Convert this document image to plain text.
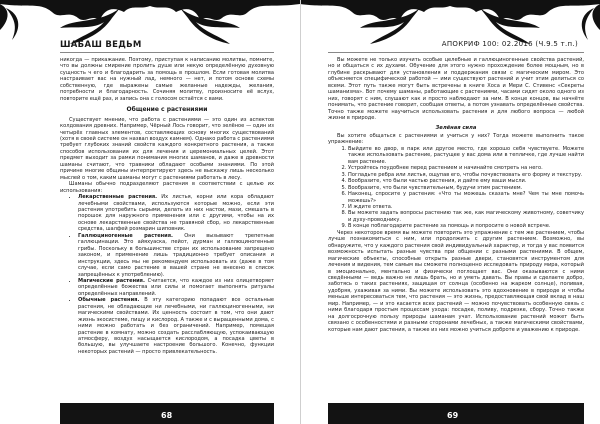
ШАБАШ ВЕДЬМ

никогда — прикажание. Поэтому, приступая к написанию молитвы, помните, что вы должны смирение пролить душе или некую определённую духовную сущность ч его и благодарить за помощь в прошлом. Если готовая молитва настраивает вас на нужный лад, немного — нет, и потом основе схемы собственную, где выражены самые желанные надежды, желания, потребности и благодарность. Сочиняя молитву, произносите её вслух, повторите ещё раз, и запись она с голосом остаётся с вами.

Общение с растениями

Существует мнение, что работа с растениями — это один из аспектов колдования древних. Например, Чёрный Лось говорит, что зелёное — один из четырёх главных элементов, составляющих основу многих существований (хотя в своей системе он назвал воздух камнем). Однако работа с растениями требует глубоких знаний свойств каждого конкретного растения, а также способов использования их для лечения и церемониальных целей. Этот предмет выходит за рамки понимания многих шаманов, и даже в древности шаманы считают, что травники обладают особыми знаниями. По этой причине многие общины интерпретируют здесь не выскажу лишь несколько мыслей о том, каким шаманы могут с растениями работать в лесу.

Шаманы обычно подразделяют растения в соответствии с целью их использования:

• Лекарственные растения. Их листья, корни или кора обладают лечебными свойствами, используются которые можно, если эти растения употребить сырыми, делать из них настои, мази, смешать в порошок для наружного применения или с другими, чтобы на их основе лекарственные свойства не травяной сбор, но лекарственные средства, шалфей розмарин шиповник.
• Галлюциногенные растения. Они вызывают трепетные галлюцинации. Это айяхуаска, пейот, дурман и галлюциногенные грибы. Поскольку в большинстве стран их использование запрещено законом, и применение лишь традиционно требует описания и инструкции, здесь мы не рекомендуем использовать их (даже в том случае, если само растение в вашей стране не внесено в список запрещённых к употреблению).
• Магические растения. Считается, что каждое из них олицетворяет определённые божества или силы и помогает выполнять ритуалы определённых направлений.
• Обычные растения. В эту категорию попадают все остальные растения, не обладающие ни лечебными, ни галлюциногенными, ни магическими свойствами. Их ценность состоит в том, что они дают жизнь экосистеме, пищу и кислород. А также и с выращенными дома, с ними можно работать и без ограничений. Например, помещая растение в комнату, можно создать расслабляющую, успокаивающую атмосферу, воздух насыщается кислородом, а посадка цветы в большую, вы улучшаете настроение большого. Конечно, функции некоторых растений — просто привлекательность.
68
АПОКРИФ 100: 02.2016 (Ч.9.5 т.п.)

Вы можете не только изучить особые целебные и галлюциногенные свойства растений, но и общаться с их духами. Обучение для этого нужно прохождение более мощным, но в глубине раскрывают для установления и поддержания связи с магическим миром. Это объясняется специфической работой — ими существуют растений и учит этим делиться со всеми. Этот путь также могут быть встречены в книге Хоса и Мери С. Стивенс «Секреты шаманизма». Вот почему шаманы, работающие с растениями, часами сидят около одного из них, говорят с ним, слушают как и просто наблюдают за ним. В конце концов, вы начнёте понимать, что растение говорит, сообщая ответы, а потом узнавать определённые свойства. Точно также можете научиться использовать растения и для любого вопроса — любой жизни в природе.

Зелёная сила

Вы хотите общаться с растениями и учиться у них? Тогда можете выполнить такое упражнение:

1. Выйдите во двор, в парк или другое место, где хорошо себя чувствуете. Можете также использовать растение, растущее у вас дома или в тепличке, где лучше найти вам растение.
2. Устройтесь поудобнее перед растением и начинайте смотреть на него.
3. Погладьте ребра или листья, ощупав его, чтобы почувствовать его форму и текстуру.
4. Вообразите, что были частью растения, и дайте ему ваши мысли.
5. Вообразите, что были чувствительным, будучи этим растением.
6. Наконец, спросите у растения: «Что ты можешь сказать мне? Чем ты мне помочь можешь?»
7. И ждите ответа.
8. Вы можете задать вопросы растению так же, как магическому животному, советчику и духу-проводнику.
9. В конце поблагодарите растение за помощь и попросите о новой встрече.

Через некоторое время вы можете повторить это упражнение с тем же растением, чтобы лучше познакомиться с ним, или продолжить с другим растением. Возможно, вы обнаружите, что у каждого растения свой индивидуальный характер, и тогда у вас появится возможность испытать разные чувства при общении с разными растениями. В общем, магические объекты, способные открыть разные двери, становятся инструментом для лечения и видения, тем самым вы сможете полноценно исследовать природу мира, который в эмоционально, ментально и физически поглощает вас. Они оказываются с ними сведёнными — ведь важно не лишь брать, но и уметь давать. Вы правы и сделаете добро, заботясь о таких растениях, защищая от солнца (особенно на жарком солнце), поливая, удобряя, ухаживая за ними. Вы можете использовать это вдохновение в природе и чтобы меньше интересоваться тем, что растения — это жизнь, предоставляющая свой вклад в наш мир. Например, — и это касается всех растений — можно почувствовать особенную связь с ними благодаря простым процессам ухода: посадке, поливу, подрезке, сбору. Точно также на долгосрочную пользу природы шаманам учат. Использование растений может быть связано с особенностями и разными сторонами лечебных, а также магическими свойствами, которые нам дают растения, а также из них можно учиться доброте и уважению к природе.

69
